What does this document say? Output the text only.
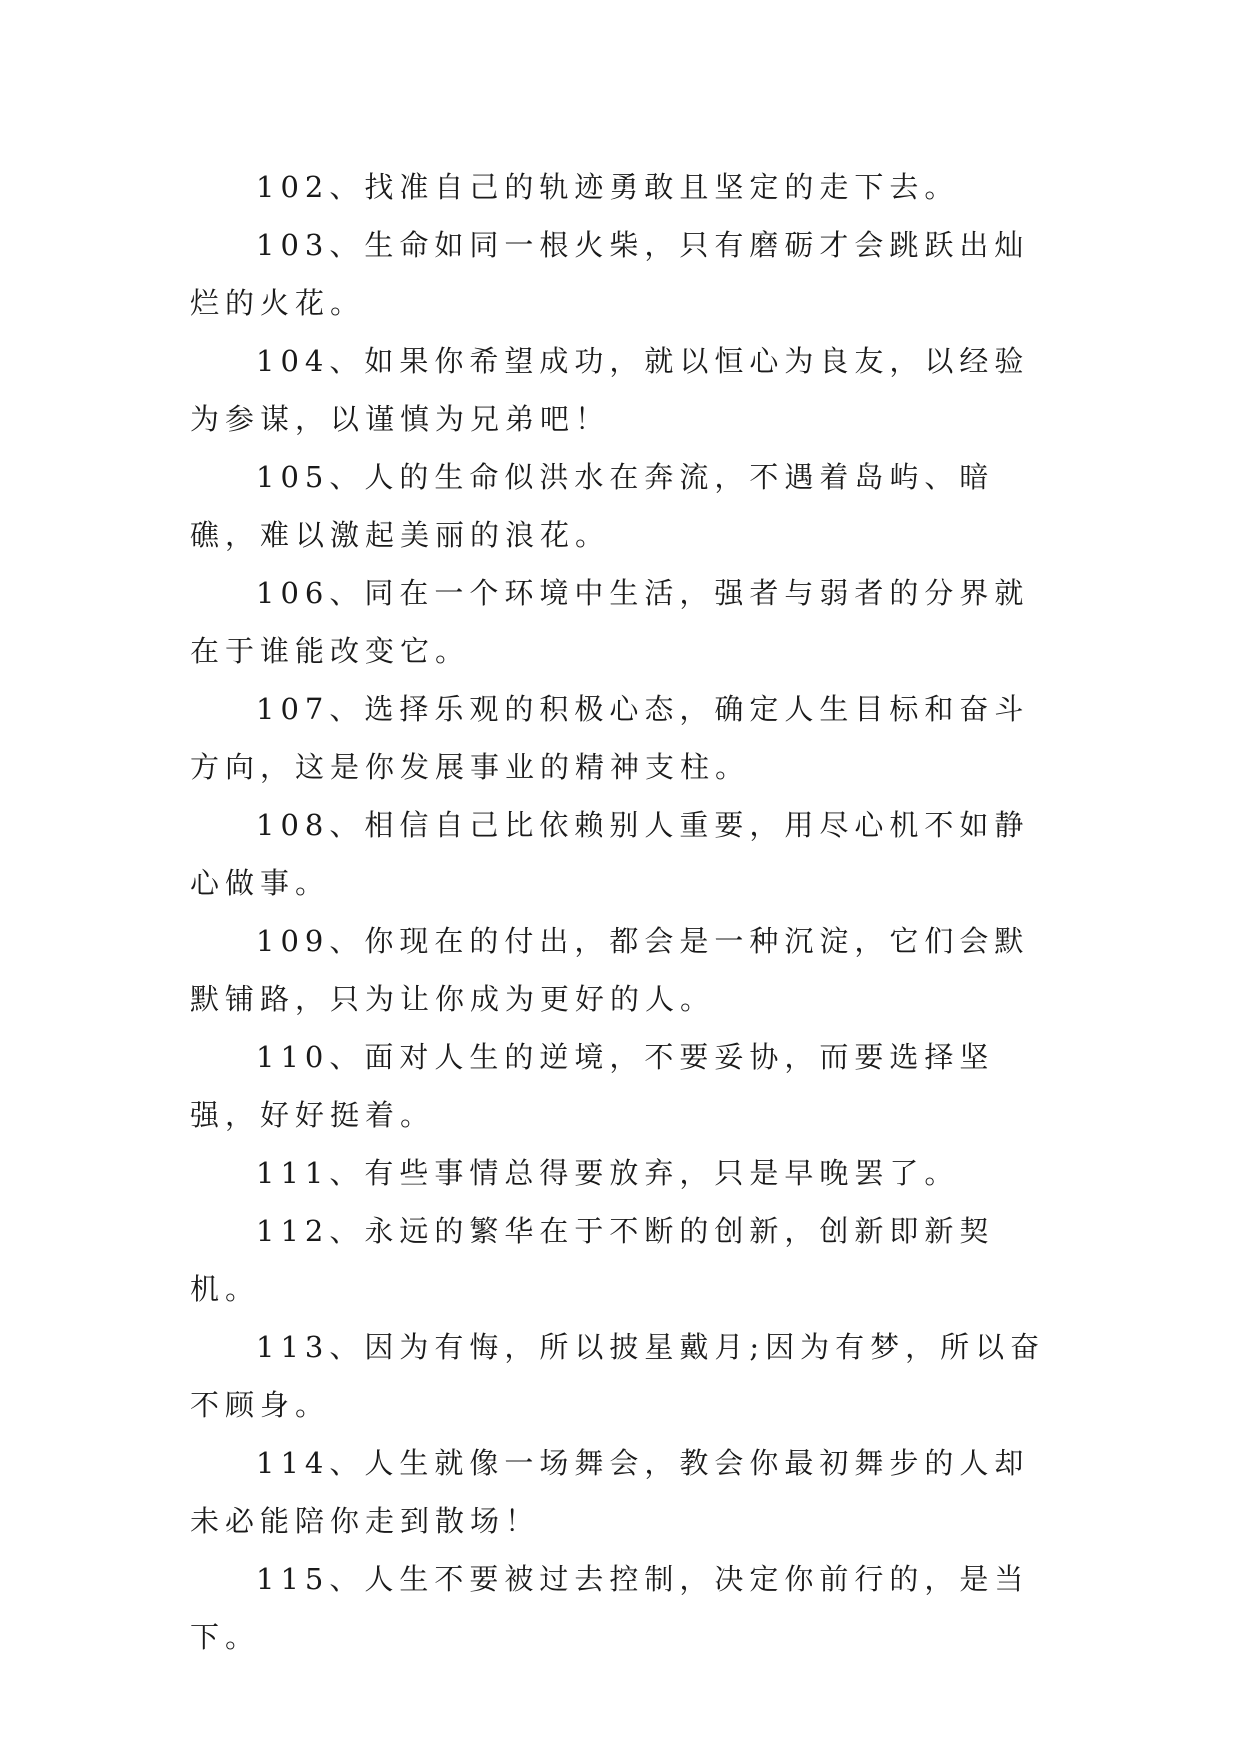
102、找准自己的轨迹勇敢且坚定的走下去。

103、生命如同一根火柴，只有磨砺才会跳跃出灿烂的火花。

104、如果你希望成功，就以恒心为良友，以经验为参谋，以谨慎为兄弟吧！

105、人的生命似洪水在奔流，不遇着岛屿、暗礁，难以激起美丽的浪花。

106、同在一个环境中生活，强者与弱者的分界就在于谁能改变它。

107、选择乐观的积极心态，确定人生目标和奋斗方向，这是你发展事业的精神支柱。

108、相信自己比依赖别人重要，用尽心机不如静心做事。

109、你现在的付出，都会是一种沉淀，它们会默默铺路，只为让你成为更好的人。

110、面对人生的逆境，不要妥协，而要选择坚强，好好挺着。

111、有些事情总得要放弃，只是早晚罢了。

112、永远的繁华在于不断的创新，创新即新契机。

113、因为有悔，所以披星戴月;因为有梦，所以奋不顾身。

114、人生就像一场舞会，教会你最初舞步的人却未必能陪你走到散场！

115、人生不要被过去控制，决定你前行的，是当下。
